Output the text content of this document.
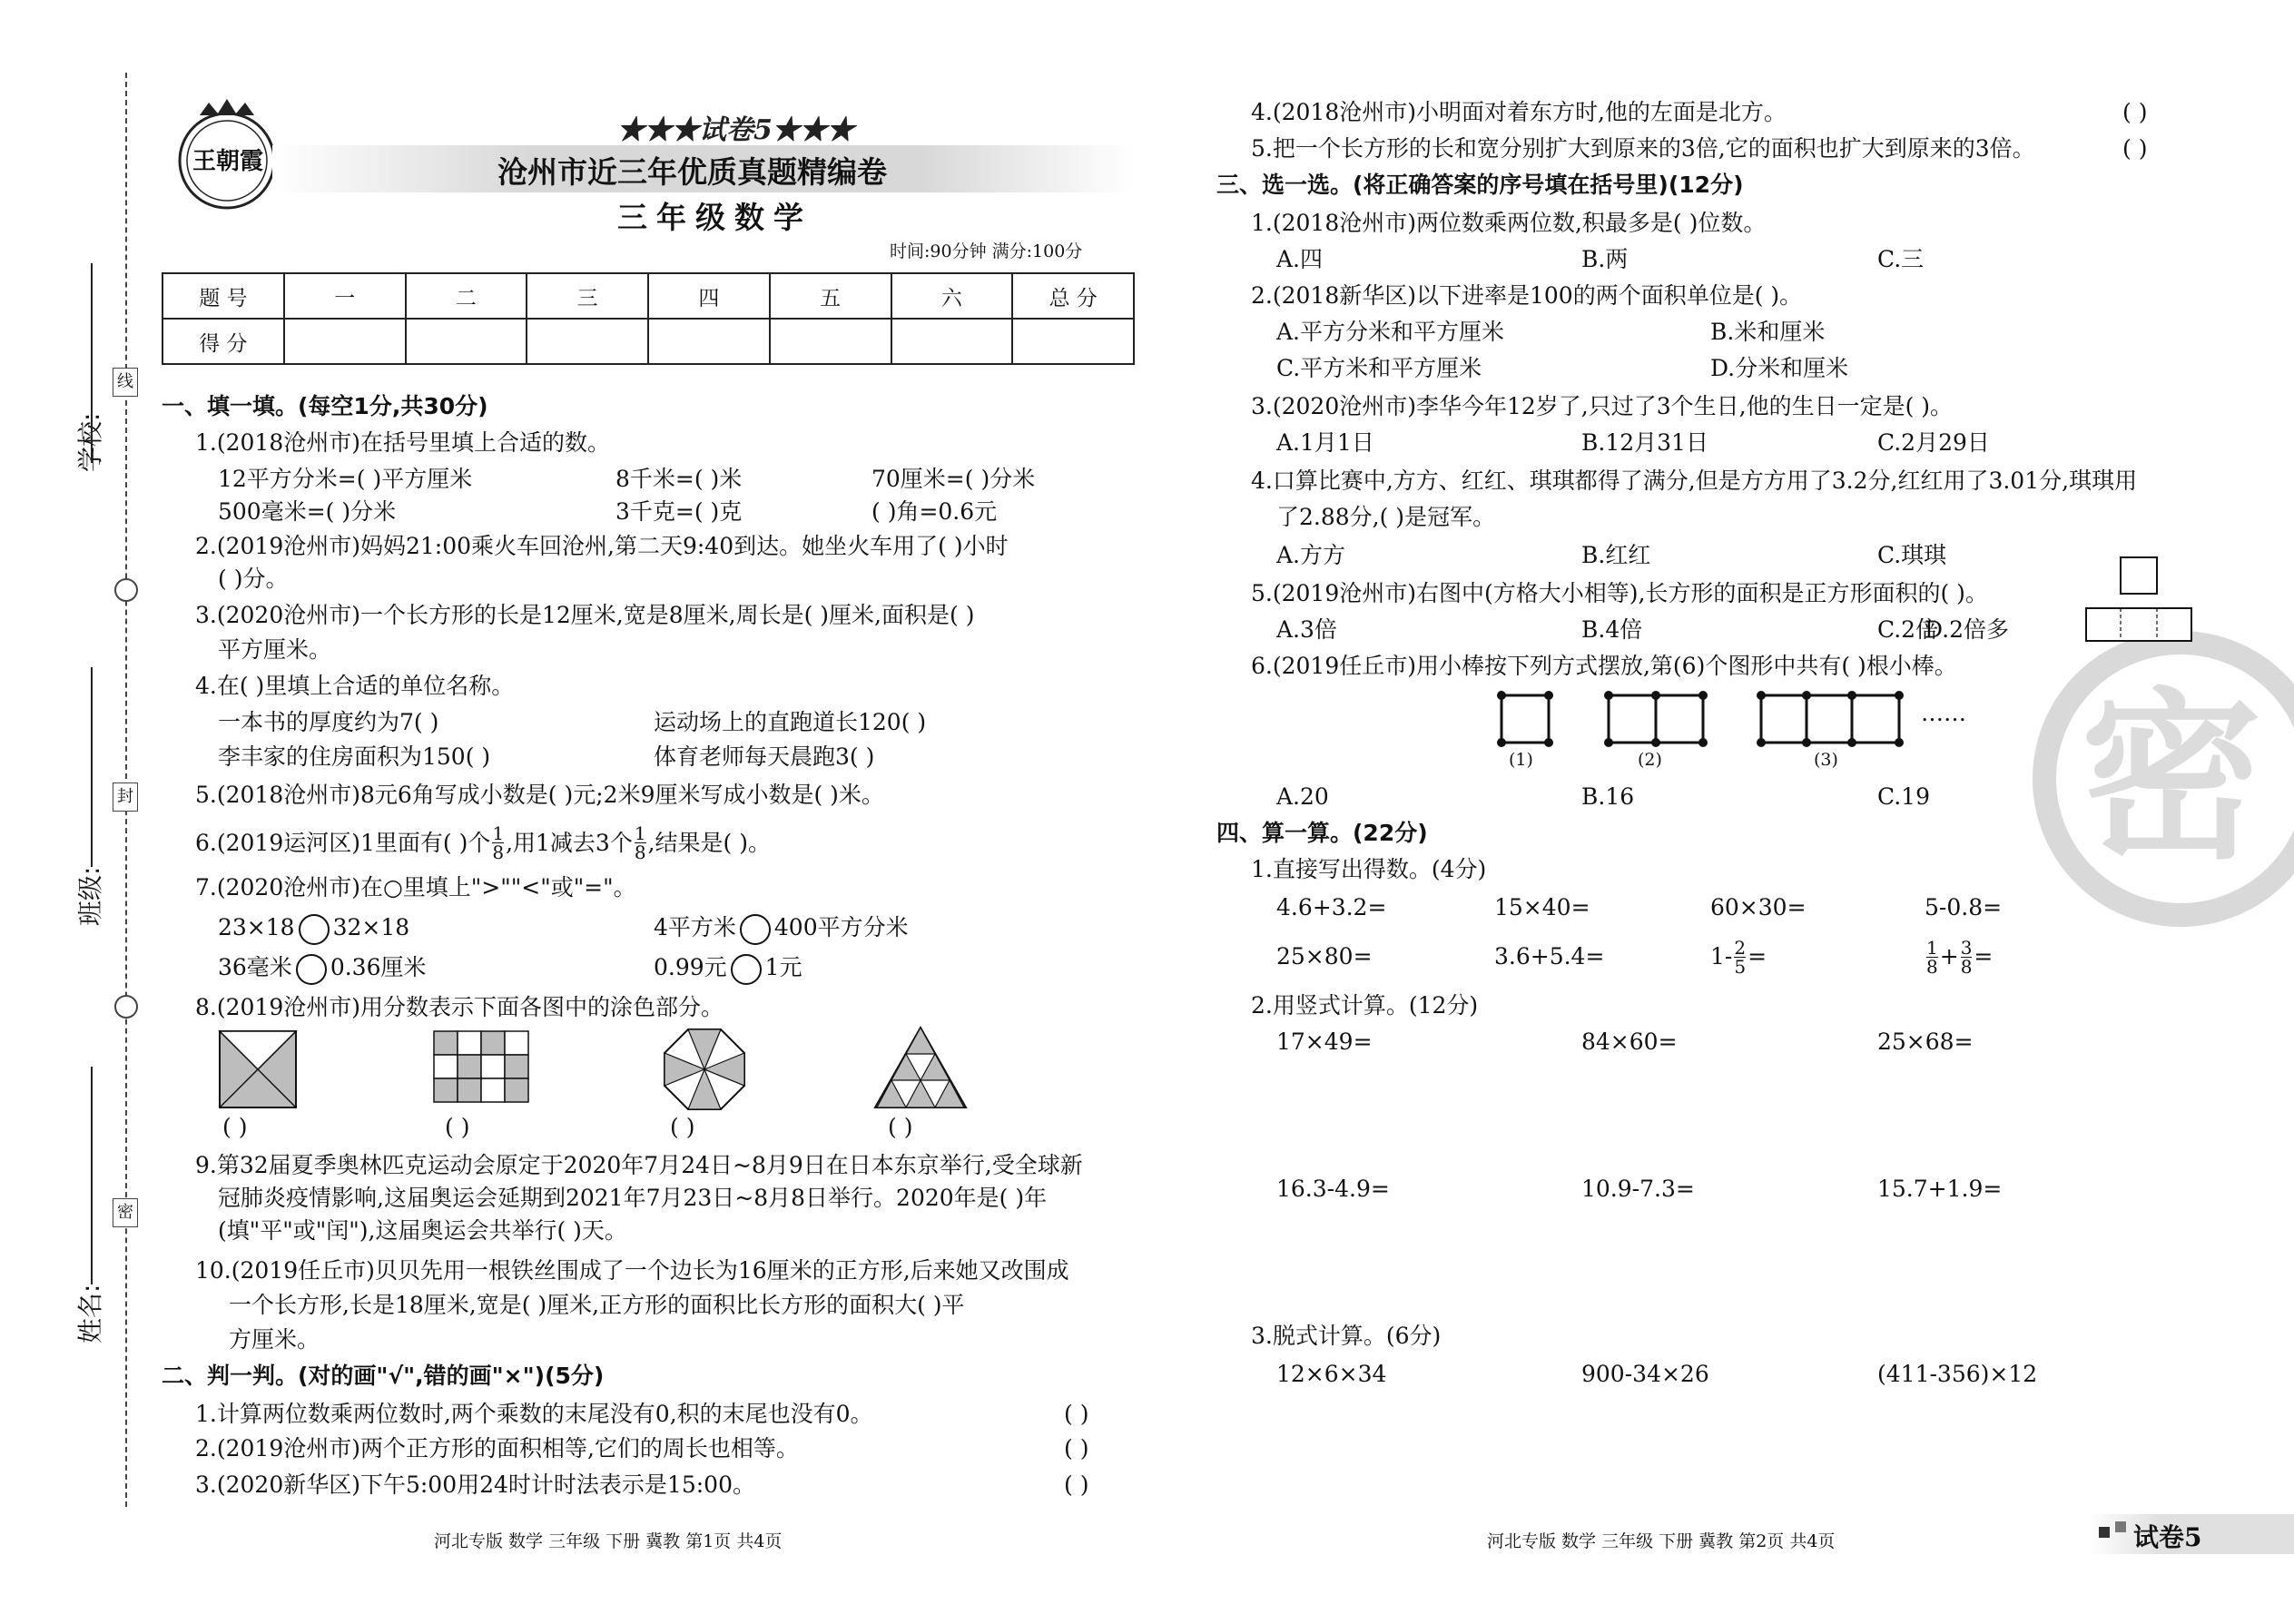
线
封
密
学校:
班级:
姓名:
王朝霞
★★★试卷5★★★
沧州市近三年优质真题精编卷
三年级数学
时间:90分钟 满分:100分
题 号	一	二	三	四	五	六	总 分
得 分							
一、填一填。(每空1分,共30分)
1.(2018沧州市)在括号里填上合适的数。
12平方分米=( )平方厘米	8千米=( )米	70厘米=( )分米
500毫米=( )分米	3千克=( )克	( )角=0.6元
2.(2019沧州市)妈妈21:00乘火车回沧州,第二天9:40到达。她坐火车用了( )小时
( )分。
3.(2020沧州市)一个长方形的长是12厘米,宽是8厘米,周长是( )厘米,面积是( )
平方厘米。
4.在( )里填上合适的单位名称。
一本书的厚度约为7( )	运动场上的直跑道长120( )
李丰家的住房面积为150( )	体育老师每天晨跑3( )
5.(2018沧州市)8元6角写成小数是( )元;2米9厘米写成小数是( )米。
6.(2019运河区)1里面有( )个 $\frac{1}{8}$ ,用1减去3个 $\frac{1}{8}$ ,结果是( )。
7.(2020沧州市)在○里填上">""<"或"="。
23×18 32×18	4平方米 400平方分米
36毫米 0.36厘米	0.99元 1元
8.(2019沧州市)用分数表示下面各图中的涂色部分。
( )	( )	( )	( )
9.第32届夏季奥林匹克运动会原定于2020年7月24日~8月9日在日本东京举行,受全球新
冠肺炎疫情影响,这届奥运会延期到2021年7月23日~8月8日举行。2020年是( )年
(填"平"或"闰"),这届奥运会共举行( )天。
10.(2019任丘市)贝贝先用一根铁丝围成了一个边长为16厘米的正方形,后来她又改围成
一个长方形,长是18厘米,宽是( )厘米,正方形的面积比长方形的面积大( )平
方厘米。
二、判一判。(对的画"√",错的画"×")(5分)
1.计算两位数乘两位数时,两个乘数的末尾没有0,积的末尾也没有0。	( )
2.(2019沧州市)两个正方形的面积相等,它们的周长也相等。	( )
3.(2020新华区)下午5:00用24时计时法表示是15:00。	( )
河北专版 数学 三年级 下册 冀教 第1页 共4页
密
4.(2018沧州市)小明面对着东方时,他的左面是北方。	( )
5.把一个长方形的长和宽分别扩大到原来的3倍,它的面积也扩大到原来的3倍。	( )
三、选一选。(将正确答案的序号填在括号里)(12分)
1.(2018沧州市)两位数乘两位数,积最多是( )位数。
A.四	B.两	C.三
2.(2018新华区)以下进率是100的两个面积单位是( )。
A.平方分米和平方厘米	B.米和厘米
C.平方米和平方厘米	D.分米和厘米
3.(2020沧州市)李华今年12岁了,只过了3个生日,他的生日一定是( )。
A.1月1日	B.12月31日	C.2月29日
4.口算比赛中,方方、红红、琪琪都得了满分,但是方方用了3.2分,红红用了3.01分,琪琪用
了2.88分,( )是冠军。
A.方方	B.红红	C.琪琪
5.(2019沧州市)右图中(方格大小相等),长方形的面积是正方形面积的( )。
A.3倍	B.4倍	C.2倍
D.2倍多
6.(2019任丘市)用小棒按下列方式摆放,第(6)个图形中共有( )根小棒。
……
(1)	(2)	(3)
A.20	B.16	C.19
四、算一算。(22分)
1.直接写出得数。(4分)
4.6+3.2=	15×40=	60×30=	5-0.8=
25×80=	3.6+5.4=	$1- \frac{2}{5}$ =	$\frac{1}{8} + \frac{3}{8}$ =
2.用竖式计算。(12分)
17×49=	84×60=	25×68=
16.3-4.9=	10.9-7.3=	15.7+1.9=
3.脱式计算。(6分)
12×6×34	900-34×26	(411-356)×12
河北专版 数学 三年级 下册 冀教 第2页 共4页	试卷5
